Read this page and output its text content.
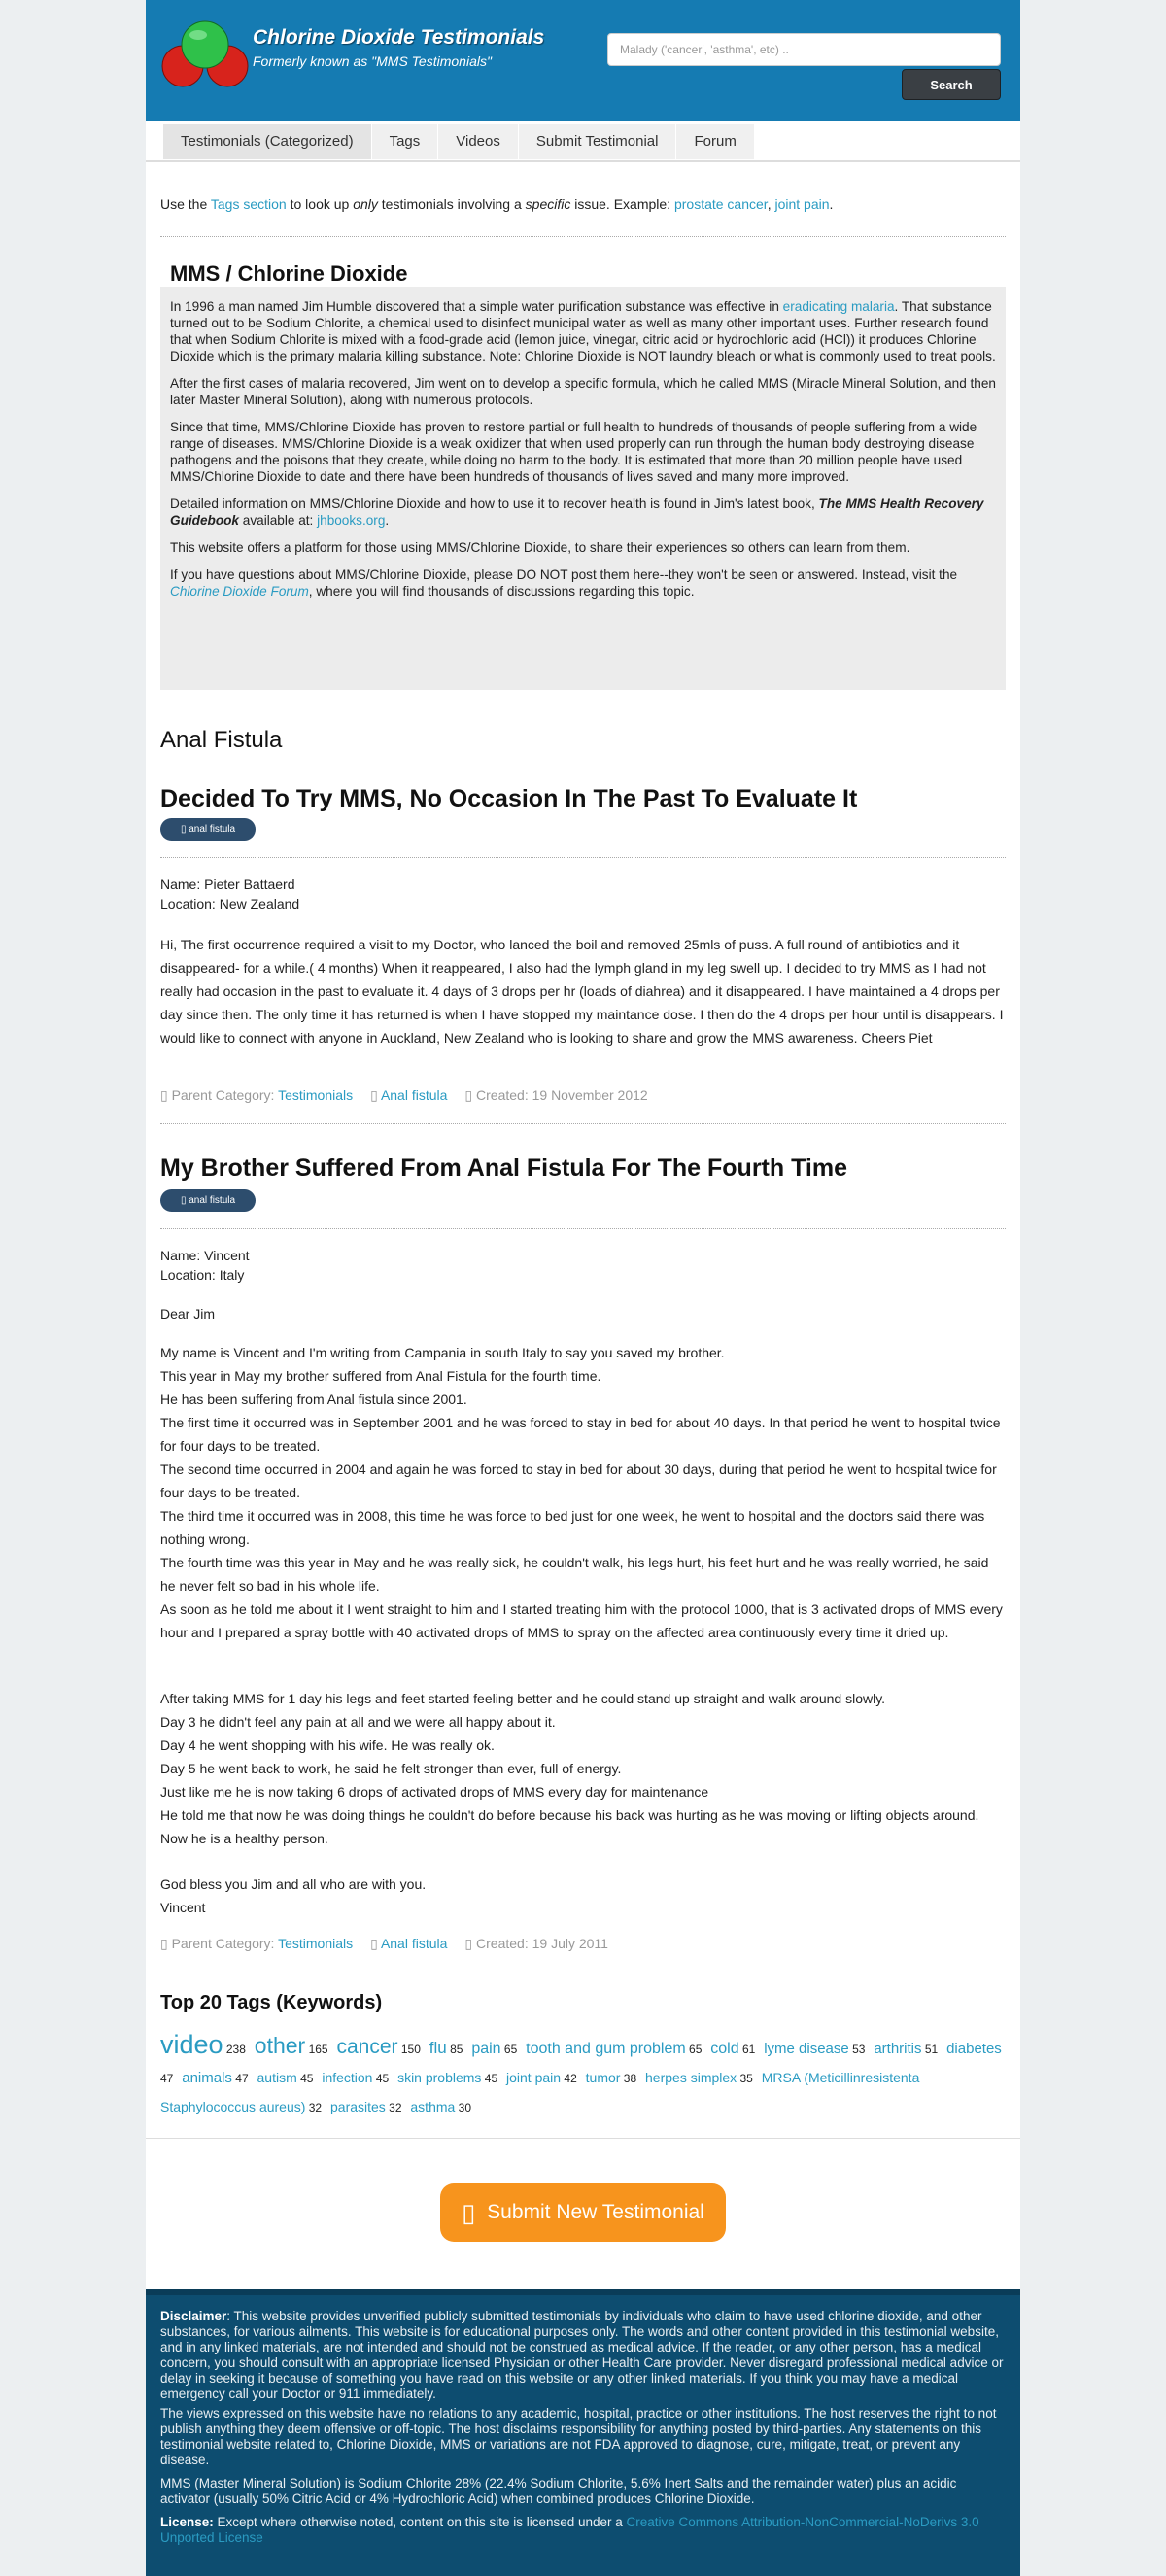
Chlorine Dioxide Testimonials
Formerly known as "MMS Testimonials"
Malady ('cancer', 'asthma', etc) ..
Search
Testimonials (Categorized)	Tags	Videos	Submit Testimonial	Forum
Use the Tags section to look up only testimonials involving a specific issue. Example: prostate cancer, joint pain.
MMS / Chlorine Dioxide

In 1996 a man named Jim Humble discovered that a simple water purification substance was effective in eradicating malaria. That substance turned out to be Sodium Chlorite, a chemical used to disinfect municipal water as well as many other important uses. Further research found that when Sodium Chlorite is mixed with a food-grade acid (lemon juice, vinegar, citric acid or hydrochloric acid (HCl)) it produces Chlorine Dioxide which is the primary malaria killing substance. Note: Chlorine Dioxide is NOT laundry bleach or what is commonly used to treat pools.

After the first cases of malaria recovered, Jim went on to develop a specific formula, which he called MMS (Miracle Mineral Solution, and then later Master Mineral Solution), along with numerous protocols.

Since that time, MMS/Chlorine Dioxide has proven to restore partial or full health to hundreds of thousands of people suffering from a wide range of diseases. MMS/Chlorine Dioxide is a weak oxidizer that when used properly can run through the human body destroying disease pathogens and the poisons that they create, while doing no harm to the body. It is estimated that more than 20 million people have used MMS/Chlorine Dioxide to date and there have been hundreds of thousands of lives saved and many more improved.

Detailed information on MMS/Chlorine Dioxide and how to use it to recover health is found in Jim's latest book, The MMS Health Recovery Guidebook available at: jhbooks.org.

This website offers a platform for those using MMS/Chlorine Dioxide, to share their experiences so others can learn from them.

If you have questions about MMS/Chlorine Dioxide, please DO NOT post them here--they won't be seen or answered. Instead, visit the Chlorine Dioxide Forum, where you will find thousands of discussions regarding this topic.

Anal Fistula
Decided To Try MMS, No Occasion In The Past To Evaluate It
▯ anal fistula
Name: Pieter Battaerd
Location: New Zealand
Hi, The first occurrence required a visit to my Doctor, who lanced the boil and removed 25mls of puss. A full round of antibiotics and it disappeared- for a while.( 4 months) When it reappeared, I also had the lymph gland in my leg swell up. I decided to try MMS as I had not really had occasion in the past to evaluate it. 4 days of 3 drops per hr (loads of diahrea) and it disappeared. I have maintained a 4 drops per day since then. The only time it has returned is when I have stopped my maintance dose. I then do the 4 drops per hour until is disappears. I would like to connect with anyone in Auckland, New Zealand who is looking to share and grow the MMS awareness. Cheers Piet
▯ Parent Category: Testimonials ▯ Anal fistula ▯ Created: 19 November 2012
My Brother Suffered From Anal Fistula For The Fourth Time
▯ anal fistula
Name: Vincent
Location: Italy
Dear Jim
My name is Vincent and I'm writing from Campania in south Italy to say you saved my brother.
This year in May my brother suffered from Anal Fistula for the fourth time.
He has been suffering from Anal fistula since 2001.
The first time it occurred was in September 2001 and he was forced to stay in bed for about 40 days. In that period he went to hospital twice for four days to be treated.
The second time occurred in 2004 and again he was forced to stay in bed for about 30 days, during that period he went to hospital twice for four days to be treated.
The third time it occurred was in 2008, this time he was force to bed just for one week, he went to hospital and the doctors said there was nothing wrong.
The fourth time was this year in May and he was really sick, he couldn't walk, his legs hurt, his feet hurt and he was really worried, he said he never felt so bad in his whole life.
As soon as he told me about it I went straight to him and I started treating him with the protocol 1000, that is 3 activated drops of MMS every hour and I prepared a spray bottle with 40 activated drops of MMS to spray on the affected area continuously every time it dried up.
After taking MMS for 1 day his legs and feet started feeling better and he could stand up straight and walk around slowly.
Day 3 he didn't feel any pain at all and we were all happy about it.
Day 4 he went shopping with his wife. He was really ok.
Day 5 he went back to work, he said he felt stronger than ever, full of energy.
Just like me he is now taking 6 drops of activated drops of MMS every day for maintenance
He told me that now he was doing things he couldn't do before because his back was hurting as he was moving or lifting objects around. Now he is a healthy person.
God bless you Jim and all who are with you.
Vincent
▯ Parent Category: Testimonials ▯ Anal fistula ▯ Created: 19 July 2011
Top 20 Tags (Keywords)
video 238 other 165 cancer 150 flu 85 pain 65 tooth and gum problem 65 cold 61 lyme disease 53 arthritis 51 diabetes 47 animals 47 autism 45 infection 45 skin problems 45 joint pain 42 tumor 38 herpes simplex 35 MRSA (Meticillinresistenta Staphylococcus aureus) 32 parasites 32 asthma 30
▯ Submit New Testimonial

Disclaimer: This website provides unverified publicly submitted testimonials by individuals who claim to have used chlorine dioxide, and other substances, for various ailments. This website is for educational purposes only. The words and other content provided in this testimonial website, and in any linked materials, are not intended and should not be construed as medical advice. If the reader, or any other person, has a medical concern, you should consult with an appropriate licensed Physician or other Health Care provider. Never disregard professional medical advice or delay in seeking it because of something you have read on this website or any other linked materials. If you think you may have a medical emergency call your Doctor or 911 immediately.

The views expressed on this website have no relations to any academic, hospital, practice or other institutions. The host reserves the right to not publish anything they deem offensive or off-topic. The host disclaims responsibility for anything posted by third-parties. Any statements on this testimonial website related to, Chlorine Dioxide, MMS or variations are not FDA approved to diagnose, cure, mitigate, treat, or prevent any disease.

MMS (Master Mineral Solution) is Sodium Chlorite 28% (22.4% Sodium Chlorite, 5.6% Inert Salts and the remainder water) plus an acidic activator (usually 50% Citric Acid or 4% Hydrochloric Acid) when combined produces Chlorine Dioxide.

License: Except where otherwise noted, content on this site is licensed under a Creative Commons Attribution-NonCommercial-NoDerivs 3.0 Unported License
